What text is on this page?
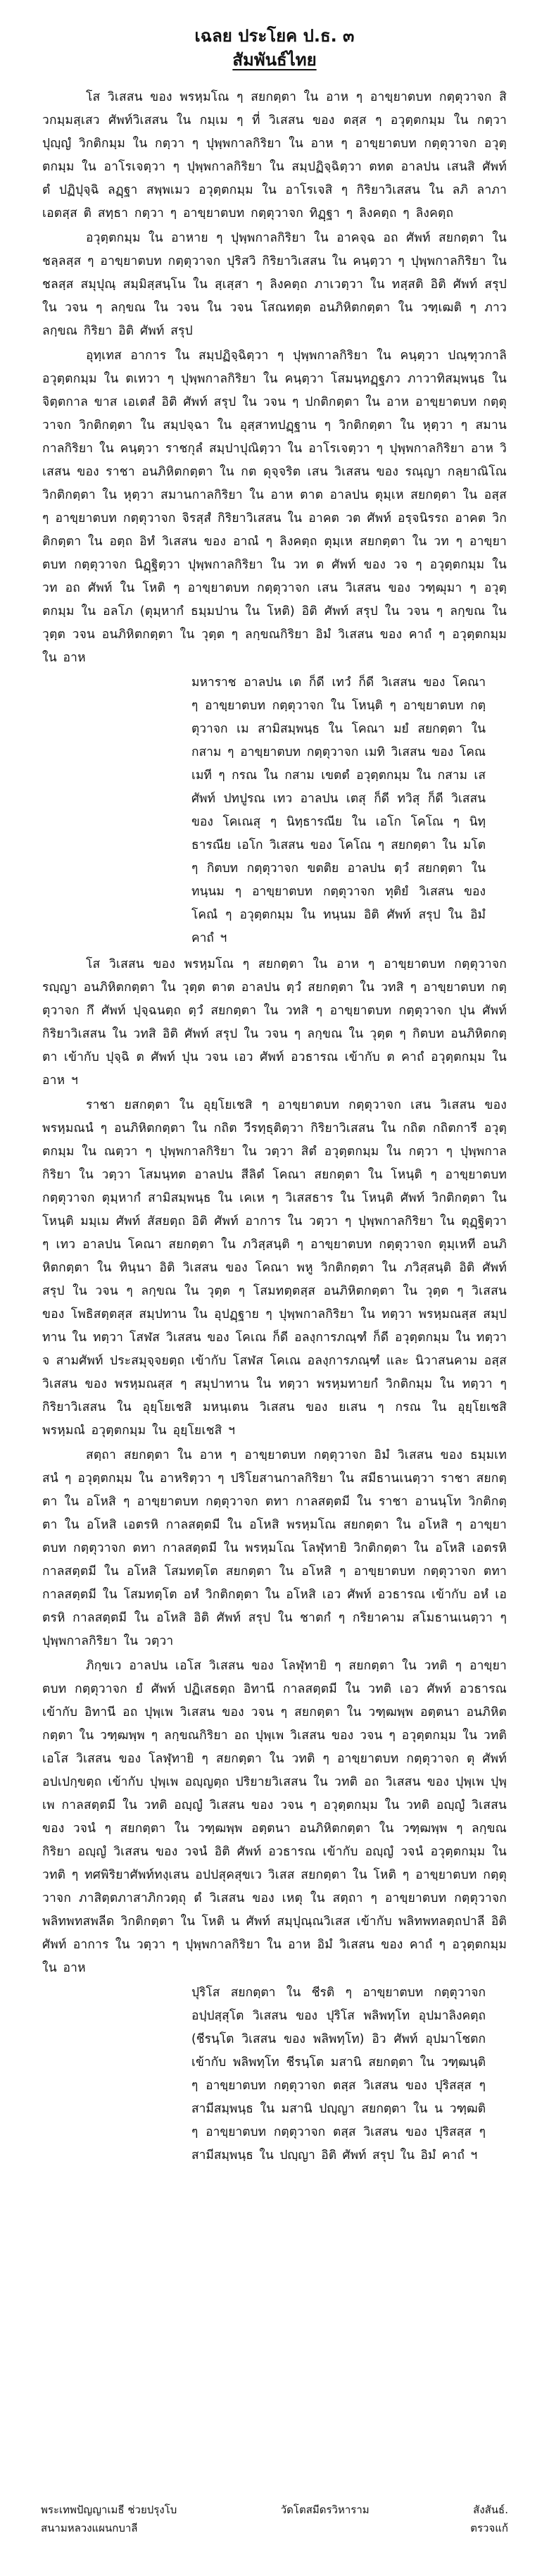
เฉลย ประโยค ป.ธ. ๓
สัมพันธ์ไทย

โส วิเสสน ของ พรหฺมโณ ๆ สยกตฺตา ใน อาห ๆ อาขฺยาตบท กตฺตุวาจก สิวกมฺมสฺเสว ศัพท์วิเสสน ใน กมฺเม ๆ ที่ วิเสสน ของ ตสฺส ๆ อวุตฺตกมฺม ใน กตฺวา ปุญฺญํ วิกติกมฺม ใน กตฺวา ๆ ปุพฺพกาลกิริยา ใน อาห ๆ อาขฺยาตบท กตฺตุวาจก อวุตฺตกมฺม ใน อาโรเจตฺวา ๆ ปุพฺพกาลกิริยา ใน สมฺปฏิจฺฉิตฺวา ตทต อาลปน เสนสิ ศัพท์ ตํ ปฏิปุจฺฉิ ลฏฺฐา สพฺพเมว อวุตฺตกมฺม ใน อาโรเจสิ ๆ กิริยาวิเสสน ใน ลภิ ลาภา เอตสฺส ติ สทฺธา กตฺวา ๆ อาขฺยาตบท กตฺตุวาจก ทิฏฺฐา ๆ ลิงคตฺถ ๆ ลิงคตฺถ

อวุตฺตกมฺม ใน อาหาย ๆ ปุพฺพกาลกิริยา ใน อาคจฺฉ อถ ศัพท์ สยกตฺตา ใน ชลฺลสฺส ๆ อาขฺยาตบท กตฺตุวาจก ปุริสวิ กิริยาวิเสสน ใน คนฺตฺวา ๆ ปุพฺพกาลกิริยา ใน ชลสฺส สมุปุณฺ สมฺมิสฺสนฺโน ใน สฺเสฺสา ๆ ลิงคตฺถ ภาเวตฺวา ใน ทสฺสติ อิติ ศัพท์ สรุป ใน วจน ๆ ลกฺขณ ใน วจน ใน วจน โสณทตฺต อนภิหิตกตฺตา ใน วฑฺเฒติ ๆ ภาวลกฺขณ กิริยา อิติ ศัพท์ สรุป

อุทฺเทส อาการ ใน สมฺปฏิจฺฉิตฺวา ๆ ปุพฺพกาลกิริยา ใน คนฺตฺวา ปณฺฑุวกาลิ อวุตฺตกมฺม ใน ตเทวา ๆ ปุพฺพกาลกิริยา ใน คนฺตฺวา โสมนฺทฏฺฐภว ภาวาทิสมฺพนฺธ ใน จิตฺตกาล ขาส เอเตสํ อิติ ศัพท์ สรุป ใน วจน ๆ ปกติกตฺตา ใน อาห อาขฺยาตบท กตฺตุวาจก วิกติกตฺตา ใน สมฺปจฺฉา ใน อุสฺสาทปฏฺฐาน ๆ วิกติกตฺตา ใน หุตฺวา ๆ สมานกาลกิริยา ใน คนฺตฺวา ราชกุลํ สมฺปาปุณิตฺวา ใน อาโรเจตฺวา ๆ ปุพฺพกาลกิริยา อาห วิเสสน ของ ราชา อนภิหิตกตฺตา ใน กต ดุจฺจริต เสน วิเสสน ของ รณฺญา กลฺยาณิโณ วิกติกตฺตา ใน หุตฺวา สมานกาลกิริยา ใน อาห ตาต อาลปน ตุมฺเห สยกตฺตา ใน อสฺส ๆ อาขฺยาตบท กตฺตุวาจก จิรสฺสํ กิริยาวิเสสน ใน อาคต วต ศัพท์ อรฺจนิรรถ อาคต วิกติกตฺตา ใน อตฺถ อิทํ วิเสสน ของ อาณํ ๆ ลิงคตฺถ ตุมฺเห สยกตฺตา ใน วท ๆ อาขฺยาตบท กตฺตุวาจก นิฏฺฐิตฺวา ปุพฺพกาลกิริยา ใน วท ต ศัพท์ ของ วจ ๆ อวุตฺตกมฺม ใน วท อถ ศัพท์ ใน โหติ ๆ อาขฺยาตบท กตฺตุวาจก เสน วิเสสน ของ วฑฺฒุมา ๆ อวุตฺตกมฺม ใน อลโภ (ตุมฺหากํ ธมฺมปาน ใน โหติ) อิติ ศัพท์ สรุป ใน วจน ๆ ลกฺขณ ใน วุตฺต วจน อนภิหิตกตฺตา ใน วุตฺต ๆ ลกฺขณกิริยา อิมํ วิเสสน ของ คาถํ ๆ อวุตฺตกมฺม ใน อาห

มหาราช อาลปน เต ก็ดี เทวํ ก็ดี วิเสสน ของ โคณา ๆ อาขฺยาตบท กตฺตุวาจก ใน โหนฺติ ๆ อาขฺยาตบท กตฺตุวาจก เม สามิสมฺพนฺธ ใน โคณา มยํ สยกตฺตา ใน กสาม ๆ อาขฺยาตบท กตฺตุวาจก เมทิ วิเสสน ของ โคณเมที ๆ กรณ ใน กสาม เขตตํ อวุตฺตกมฺม ใน กสาม เส ศัพท์ ปทปูรณ เทว อาลปน เตสุ ก็ดี ทวิสุ ก็ดี วิเสสน ของ โคเณสุ ๆ นิทฺธารณีย ใน เอโก โคโณ ๆ นิทฺธารณีย เอโก วิเสสน ของ โคโณ ๆ สยกตฺตา ใน มโต ๆ กิตบท กตฺตุวาจก ขตติย อาลปน ตฺวํ สยกตฺตา ใน ทนฺนม ๆ อาขฺยาตบท กตฺตุวาจก ทุติยํ วิเสสน ของ โคณํ ๆ อวุตฺตกมฺม ใน ทนฺนม อิติ ศัพท์ สรุป ใน อิมํ คาถํ ฯ

โส วิเสสน ของ พรหฺมโณ ๆ สยกตฺตา ใน อาห ๆ อาขฺยาตบท กตฺตุวาจก รญฺญา อนภิหิตกตฺตา ใน วุตฺต ตาต อาลปน ตฺวํ สยกตฺตา ใน วทสิ ๆ อาขฺยาตบท กตฺตุวาจก กึ ศัพท์ ปุจฺฉนตฺถ ตฺวํ สยกตฺตา ใน วทสิ ๆ อาขฺยาตบท กตฺตุวาจก ปุน ศัพท์ กิริยาวิเสสน ใน วทสิ อิติ ศัพท์ สรุป ใน วจน ๆ ลกฺขณ ใน วุตฺต ๆ กิตบท อนภิหิตกตฺตา เข้ากับ ปุจฺฉิ ต ศัพท์ ปุน วจน เอว ศัพท์ อวธารณ เข้ากับ ต คาถํ อวุตฺตกมฺม ใน อาห ฯ

ราชา ยสกตฺตา ใน อุยฺโยเชสิ ๆ อาขฺยาตบท กตฺตุวาจก เสน วิเสสน ของ พรหฺมณนํ ๆ อนภิหิตกตฺตา ใน กถิต วีรทฺธุติตฺวา กิริยาวิเสสน ใน กถิต กถิตการี อวุตฺตกมฺม ใน ณตฺวา ๆ ปุพฺพกาลกิริยา ใน วตฺวา สิตํ อวุตฺตกมฺม ใน กตฺวา ๆ ปุพฺพกาลกิริยา ใน วตฺวา โสมนฺทต อาลปน สีลิตํ โคณา สยกตฺตา ใน โหนฺติ ๆ อาขฺยาตบท กตฺตุวาจก ตุมฺหากํ สามิสมฺพนฺธ ใน เคเห ๆ วิเสสธาร ใน โหนฺติ ศัพท์ วิกติกตฺตา ใน โหนฺติ มมฺเม ศัพท์ สัสยตฺถ อิติ ศัพท์ อาการ ใน วตฺวา ๆ ปุพฺพกาลกิริยา ใน ตุฏฺฐิตฺวา ๆ เทว อาลปน โคณา สยกตฺตา ใน ภวิสฺสนฺติ ๆ อาขฺยาตบท กตฺตุวาจก ตุมฺเหที อนภิหิตกตฺตา ใน ทินฺนา อิติ วิเสสน ของ โคณา พหู วิกติกตฺตา ใน ภวิสฺสนฺติ อิติ ศัพท์ สรุป ใน วจน ๆ ลกฺขณ ใน วุตฺต ๆ โสมทตฺตสฺส อนภิหิตกตฺตา ใน วุตฺต ๆ วิเสสน ของ โพธิสตฺตสฺส สมฺปทาน ใน อุปฏฺฐาย ๆ ปุพฺพกาลกิริยา ใน ทตฺวา พรหฺมณสฺส สมฺปทาน ใน ทตฺวา โสฬส วิเสสน ของ โคเณ ก็ดี อลงฺการภณฺฑํ ก็ดี อวุตฺตกมฺม ใน ทตฺวา จ สามศัพท์ ประสมุจฺจยตฺถ เข้ากับ โสฬส โคเณ อลงฺการภณฺฑํ และ นิวาสนคาม อสฺส วิเสสน ของ พรหฺมณสฺส ๆ สมุปาทาน ใน ทตฺวา พรหฺมทายกํ วิกติกมฺม ใน ทตฺวา ๆ กิริยาวิเสสน ใน อุยฺโยเชสิ มหนฺเตน วิเสสน ของ ยเสน ๆ กรณ ใน อุยฺโยเชสิ พรหฺมณํ อวุตฺตกมฺม ใน อุยฺโยเชสิ ฯ

สตฺถา สยกตฺตา ใน อาห ๆ อาขฺยาตบท กตฺตุวาจก อิมํ วิเสสน ของ ธมฺมเทสนํ ๆ อวุตฺตกมฺม ใน อาหริตฺวา ๆ ปริโยสานกาลกิริยา ใน สมีธานเนตฺวา ราชา สยกตฺตา ใน อโหสิ ๆ อาขฺยาตบท กตฺตุวาจก ตทา กาลสตฺตมี ใน ราชา อานนฺโท วิกติกตฺตา ใน อโหสิ เอตรหิ กาลสตฺตมี ใน อโหสิ พรหฺมโณ สยกตฺตา ใน อโหสิ ๆ อาขฺยาตบท กตฺตุวาจก ตทา กาลสตฺตมี ใน พรหฺมโณ โลฬุทายิ วิกติกตฺตา ใน อโหสิ เอตรหิ กาลสตฺตมี ใน อโหสิ โสมทตฺโต สยกตฺตา ใน อโหสิ ๆ อาขฺยาตบท กตฺตุวาจก ตทา กาลสตฺตมี ใน โสมทตฺโต อหํ วิกติกตฺตา ใน อโหสิ เอว ศัพท์ อวธารณ เข้ากับ อหํ เอตรหิ กาลสตฺตมี ใน อโหสิ อิติ ศัพท์ สรุป ใน ชาตกํ ๆ กริยาคาม สโมธานเนตฺวา ๆ ปุพฺพกาลกิริยา ใน วตฺวา

ภิกฺขเว อาลปน เอโส วิเสสน ของ โลฬุทายิ ๆ สยกตฺตา ใน วทติ ๆ อาขฺยาตบท กตฺตุวาจก ยํ ศัพท์ ปฏิเสธตฺถ อิทานี กาลสตฺตมี ใน วทติ เอว ศัพท์ อวธารณ เข้ากับ อิทานี อถ ปุพฺเพ วิเสสน ของ วจน ๆ สยกตฺตา ใน วฑฺฒพฺพ อตฺตนา อนภิหิตกตฺตา ใน วฑฺฒพฺพ ๆ ลกฺขณกิริยา อถ ปุพฺเพ วิเสสน ของ วจน ๆ อวุตฺตกมฺม ใน วทติ เอโส วิเสสน ของ โลฬุทายิ ๆ สยกตฺตา ใน วทติ ๆ อาขฺยาตบท กตฺตุวาจก ตุ ศัพท์ อปเปกฺขตฺถ เข้ากับ ปุพฺเพ อญฺญตฺถ ปริยายวิเสสน ใน วทติ อถ วิเสสน ของ ปุพฺเพ ปุพฺเพ กาลสตฺตมี ใน วทติ อญฺญํ วิเสสน ของ วจน ๆ อวุตฺตกมฺม ใน วทติ อญฺญํ วิเสสน ของ วจนํ ๆ สยกตฺตา ใน วฑฺฒพฺพ อตฺตนา อนภิหิตกตฺตา ใน วฑฺฒพฺพ ๆ ลกฺขณกิริยา อญฺญํ วิเสสน ของ วจนํ อิติ ศัพท์ อวธารณ เข้ากับ อญฺญํ วจนํ อวุตฺตกมฺม ใน วทติ ๆ ทศพิริยาศัพท์ทงฺเสน อปปสุคสุขเว วิเสส สยกตฺตา ใน โหติ ๆ อาขฺยาตบท กตฺตุวาจก ภาสิตฺตภาสาภิกวตฺถุ ตํ วิเสสน ของ เหตุ ใน สตฺถา ๆ อาขฺยาตบท กตฺตุวาจก พลิทพทสพลีด วิกติกตฺตา ใน โหติ น ศัพท์ สมฺปุณฺณวิเสส เข้ากับ พลิทพทลตฺถปาลี อิติ ศัพท์ อาการ ใน วตฺวา ๆ ปุพฺพกาลกิริยา ใน อาห อิมํ วิเสสน ของ คาถํ ๆ อวุตฺตกมฺม ใน อาห

ปุริโส สยกตฺตา ใน ชีรติ ๆ อาขฺยาตบท กตฺตุวาจก อปฺปสฺสุโต วิเสสน ของ ปุริโส พลิพทฺโท อุปมาลิงคตฺถ (ชีรนฺโต วิเสสน ของ พลิพทฺโท) อิว ศัพท์ อุปมาโชตก เข้ากับ พลิพทฺโท ชีรนฺโต มสานิ สยกตฺตา ใน วฑฺฒนฺติ ๆ อาขฺยาตบท กตฺตุวาจก ตสฺส วิเสสน ของ ปุริสสฺส ๆ สามีสมฺพนฺธ ใน มสานิ ปญฺญา สยกตฺตา ใน น วฑฺฒติ ๆ อาขฺยาตบท กตฺตุวาจก ตสฺส วิเสสน ของ ปุริสสฺส ๆ สามีสมฺพนฺธ ใน ปญฺญา อิติ ศัพท์ สรุป ใน อิมํ คาถํ ฯ
พระเทพปัญญาเมธี ช่วยปรุงโบ	วัดโตสมีดรวิหาราม	สังสันธ์.
สนามหลวงแผนกบาลี	ตรวจแก้
